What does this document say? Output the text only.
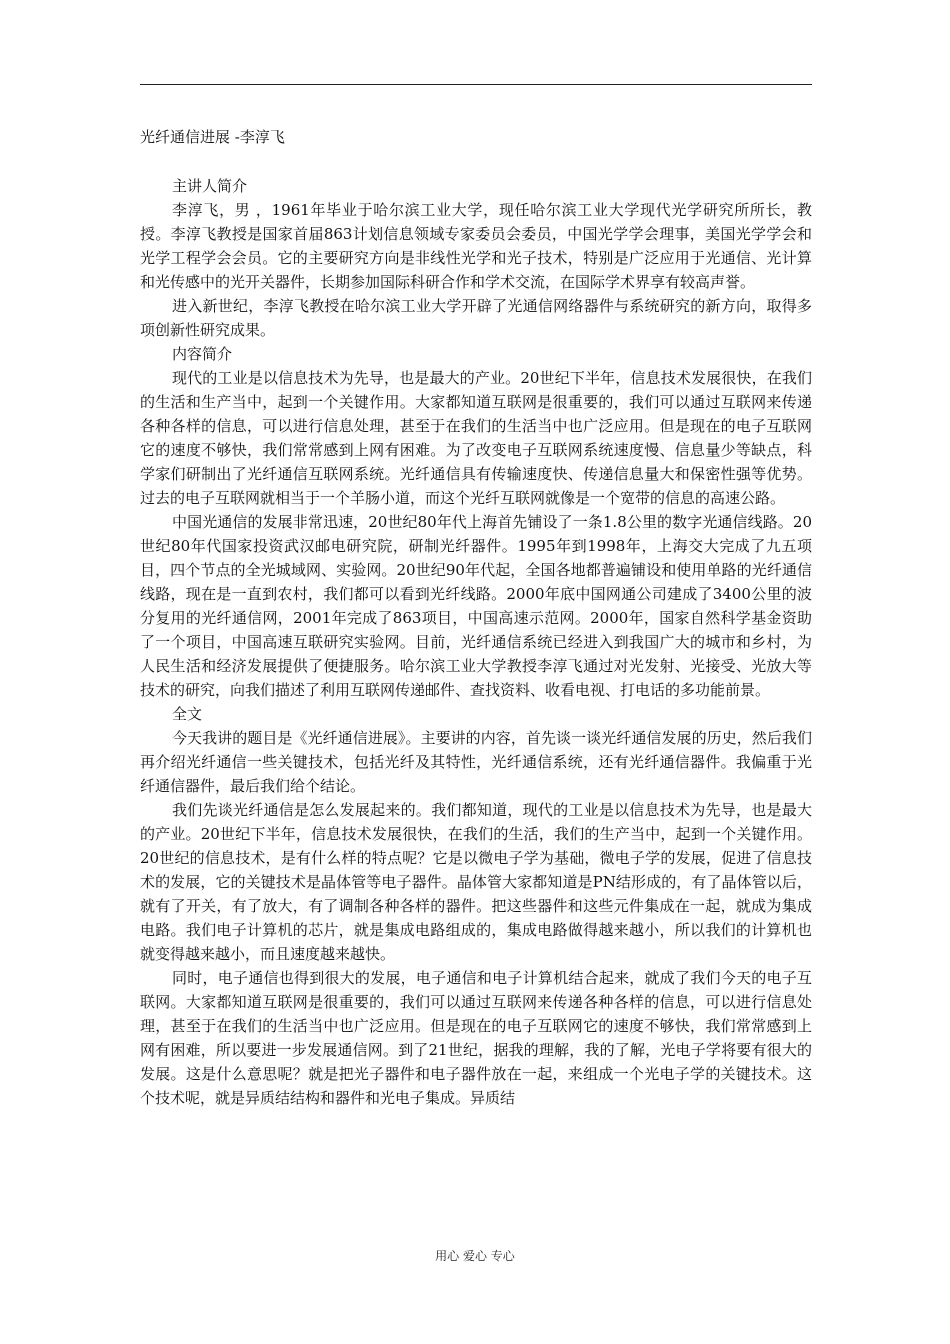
光纤通信进展 -李淳飞

主讲人简介

李淳飞，男 ，1961年毕业于哈尔滨工业大学，现任哈尔滨工业大学现代光学研究所所长，教授。李淳飞教授是国家首届863计划信息领域专家委员会委员，中国光学学会理事，美国光学学会和光学工程学会会员。它的主要研究方向是非线性光学和光子技术，特别是广泛应用于光通信、光计算和光传感中的光开关器件，长期参加国际科研合作和学术交流，在国际学术界享有较高声誉。

进入新世纪，李淳飞教授在哈尔滨工业大学开辟了光通信网络器件与系统研究的新方向，取得多项创新性研究成果。

内容简介

现代的工业是以信息技术为先导，也是最大的产业。20世纪下半年，信息技术发展很快，在我们的生活和生产当中，起到一个关键作用。大家都知道互联网是很重要的，我们可以通过互联网来传递各种各样的信息，可以进行信息处理，甚至于在我们的生活当中也广泛应用。但是现在的电子互联网它的速度不够快，我们常常感到上网有困难。为了改变电子互联网系统速度慢、信息量少等缺点，科学家们研制出了光纤通信互联网系统。光纤通信具有传输速度快、传递信息量大和保密性强等优势。过去的电子互联网就相当于一个羊肠小道，而这个光纤互联网就像是一个宽带的信息的高速公路。

中国光通信的发展非常迅速，20世纪80年代上海首先铺设了一条1.8公里的数字光通信线路。20世纪80年代国家投资武汉邮电研究院，研制光纤器件。1995年到1998年，上海交大完成了九五项目，四个节点的全光城域网、实验网。20世纪90年代起，全国各地都普遍铺设和使用单路的光纤通信线路，现在是一直到农村，我们都可以看到光纤线路。2000年底中国网通公司建成了3400公里的波分复用的光纤通信网，2001年完成了863项目，中国高速示范网。2000年，国家自然科学基金资助了一个项目，中国高速互联研究实验网。目前，光纤通信系统已经进入到我国广大的城市和乡村，为人民生活和经济发展提供了便捷服务。哈尔滨工业大学教授李淳飞通过对光发射、光接受、光放大等技术的研究，向我们描述了利用互联网传递邮件、查找资料、收看电视、打电话的多功能前景。

全文

今天我讲的题目是《光纤通信进展》。主要讲的内容，首先谈一谈光纤通信发展的历史，然后我们再介绍光纤通信一些关键技术，包括光纤及其特性，光纤通信系统，还有光纤通信器件。我偏重于光纤通信器件，最后我们给个结论。

我们先谈光纤通信是怎么发展起来的。我们都知道，现代的工业是以信息技术为先导，也是最大的产业。20世纪下半年，信息技术发展很快，在我们的生活，我们的生产当中，起到一个关键作用。20世纪的信息技术，是有什么样的特点呢？它是以微电子学为基础，微电子学的发展，促进了信息技术的发展，它的关键技术是晶体管等电子器件。晶体管大家都知道是PN结形成的，有了晶体管以后，就有了开关，有了放大，有了调制各种各样的器件。把这些器件和这些元件集成在一起，就成为集成电路。我们电子计算机的芯片，就是集成电路组成的，集成电路做得越来越小，所以我们的计算机也就变得越来越小，而且速度越来越快。

同时，电子通信也得到很大的发展，电子通信和电子计算机结合起来，就成了我们今天的电子互联网。大家都知道互联网是很重要的，我们可以通过互联网来传递各种各样的信息，可以进行信息处理，甚至于在我们的生活当中也广泛应用。但是现在的电子互联网它的速度不够快，我们常常感到上网有困难，所以要进一步发展通信网。到了21世纪，据我的理解，我的了解，光电子学将要有很大的发展。这是什么意思呢？就是把光子器件和电子器件放在一起，来组成一个光电子学的关键技术。这个技术呢，就是异质结结构和器件和光电子集成。异质结

用心 爱心 专心
